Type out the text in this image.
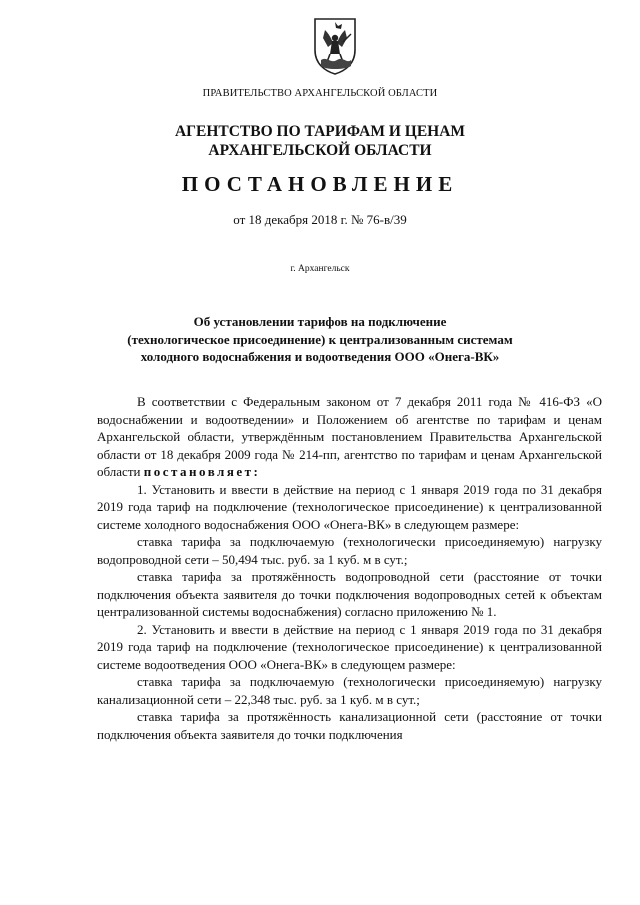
ПРАВИТЕЛЬСТВО АРХАНГЕЛЬСКОЙ ОБЛАСТИ
АГЕНТСТВО ПО ТАРИФАМ И ЦЕНАМ
АРХАНГЕЛЬСКОЙ ОБЛАСТИ
ПОСТАНОВЛЕНИЕ
от 18 декабря 2018 г. № 76-в/39
г. Архангельск
Об установлении тарифов на подключение
(технологическое присоединение) к централизованным системам
холодного водоснабжения и водоотведения ООО «Онега-ВК»

В соответствии с Федеральным законом от 7 декабря 2011 года № 416-ФЗ «О водоснабжении и водоотведении» и Положением об агентстве по тарифам и ценам Архангельской области, утверждённым постановлением Правительства Архангельской области от 18 декабря 2009 года № 214-пп, агентство по тарифам и ценам Архангельской области постановляет:

1. Установить и ввести в действие на период с 1 января 2019 года по 31 декабря 2019 года тариф на подключение (технологическое присоединение) к централизованной системе холодного водоснабжения ООО «Онега-ВК» в следующем размере:

ставка тарифа за подключаемую (технологически присоединяемую) нагрузку водопроводной сети – 50,494 тыс. руб. за 1 куб. м в сут.;

ставка тарифа за протяжённость водопроводной сети (расстояние от точки подключения объекта заявителя до точки подключения водопроводных сетей к объектам централизованной системы водоснабжения) согласно приложению № 1.

2. Установить и ввести в действие на период с 1 января 2019 года по 31 декабря 2019 года тариф на подключение (технологическое присоединение) к централизованной системе водоотведения ООО «Онега-ВК» в следующем размере:

ставка тарифа за подключаемую (технологически присоединяемую) нагрузку канализационной сети – 22,348 тыс. руб. за 1 куб. м в сут.;

ставка тарифа за протяжённость канализационной сети (расстояние от точки подключения объекта заявителя до точки подключения
